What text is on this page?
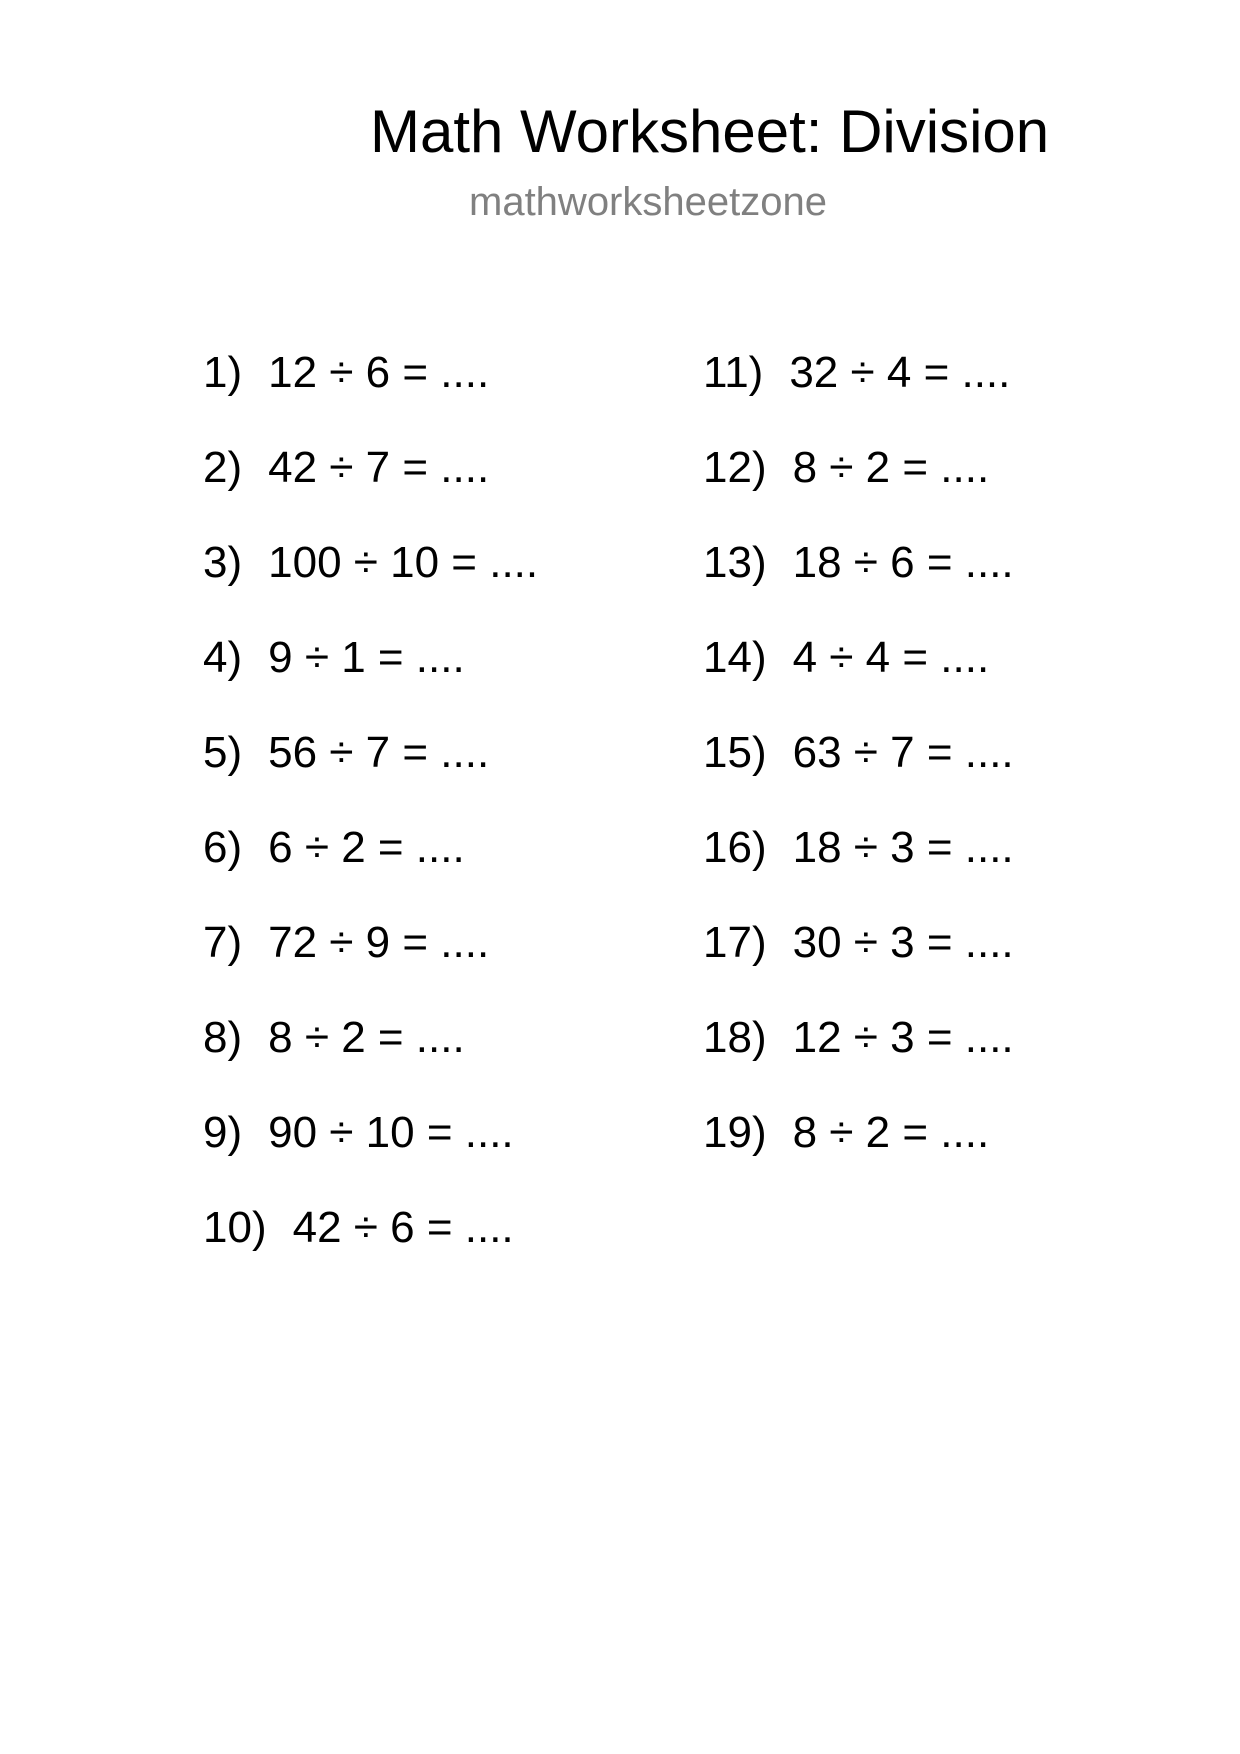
Math Worksheet: Division
mathworksheetzone
1) 12 ÷ 6 = ....
2) 42 ÷ 7 = ....
3) 100 ÷ 10 = ....
4) 9 ÷ 1 = ....
5) 56 ÷ 7 = ....
6) 6 ÷ 2 = ....
7) 72 ÷ 9 = ....
8) 8 ÷ 2 = ....
9) 90 ÷ 10 = ....
10) 42 ÷ 6 = ....
11) 32 ÷ 4 = ....
12) 8 ÷ 2 = ....
13) 18 ÷ 6 = ....
14) 4 ÷ 4 = ....
15) 63 ÷ 7 = ....
16) 18 ÷ 3 = ....
17) 30 ÷ 3 = ....
18) 12 ÷ 3 = ....
19) 8 ÷ 2 = ....
